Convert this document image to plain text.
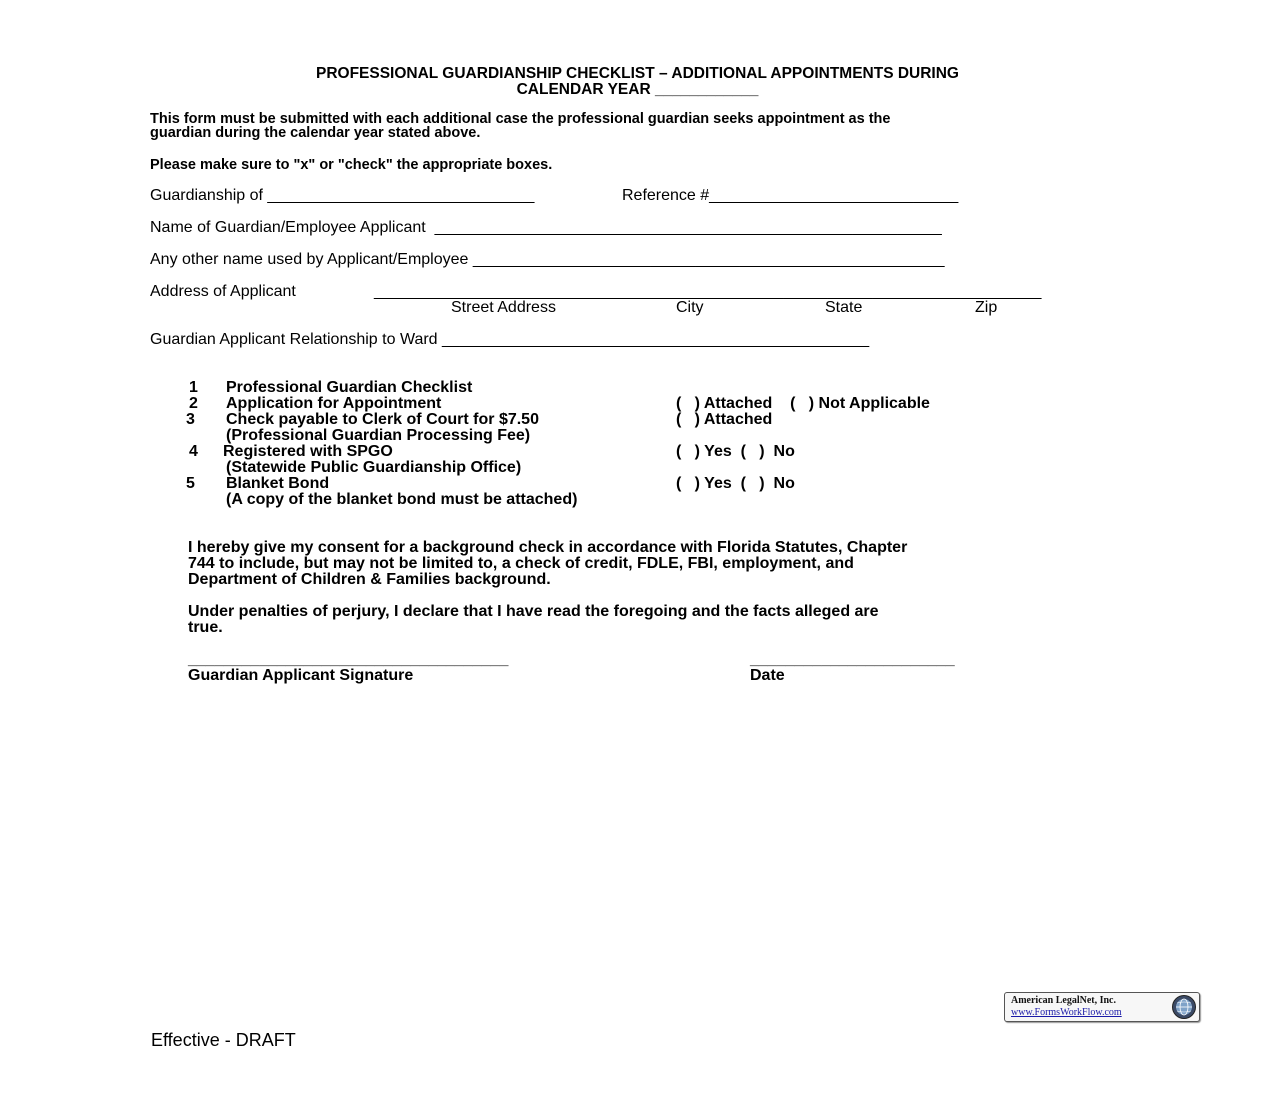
PROFESSIONAL GUARDIANSHIP CHECKLIST – ADDITIONAL APPOINTMENTS DURING
CALENDAR YEAR ____________
This form must be submitted with each additional case the professional guardian seeks appointment as the
guardian during the calendar year stated above.
Please make sure to "x" or "check" the appropriate boxes.
Guardianship of ______________________________	Reference #____________________________
Name of Guardian/Employee Applicant  _________________________________________________________
Any other name used by Applicant/Employee _____________________________________________________
Address of Applicant	___________________________________________________________________________
Street Address	City	State	Zip
Guardian Applicant Relationship to Ward ________________________________________________
1 Professional Guardian Checklist
2 Application for Appointment	(   ) Attached    (   ) Not Applicable
3 Check payable to Clerk of Court for $7.50	(   ) Attached
(Professional Guardian Processing Fee)
4 Registered with SPGO	(   ) Yes  (   )  No
(Statewide Public Guardianship Office)
5 Blanket Bond	(   ) Yes  (   )  No
(A copy of the blanket bond must be attached)
I hereby give my consent for a background check in accordance with Florida Statutes, Chapter
744 to include, but may not be limited to, a check of credit, FDLE, FBI, employment, and
Department of Children & Families background.
Under penalties of perjury, I declare that I have read the foregoing and the facts alleged are
true.
____________________________________
Guardian Applicant Signature
_______________________
Date
Effective - DRAFT
American LegalNet, Inc.
www.FormsWorkFlow.com
